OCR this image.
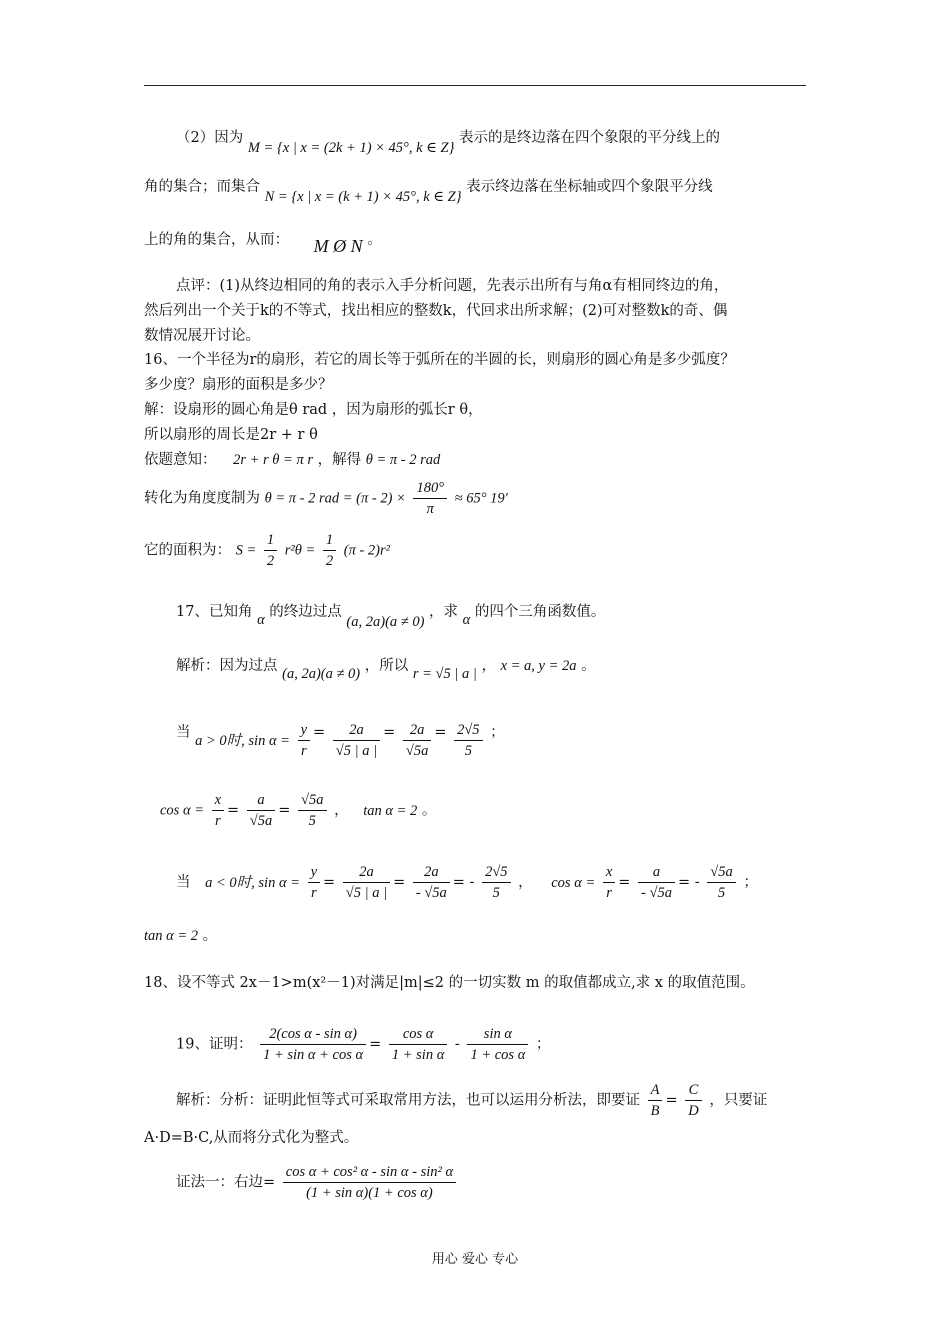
（2）因为 M = {x | x = (2k + 1) × 45°, k ∈ Z} 表示的是终边落在四个象限的平分线上的
角的集合；而集合 N = {x | x = (k + 1) × 45°, k ∈ Z} 表示终边落在坐标轴或四个象限平分线
上的角的集合，从而： M Ø N 。
点评：(1)从终边相同的角的表示入手分析问题，先表示出所有与角α有相同终边的角，
然后列出一个关于k的不等式，找出相应的整数k，代回求出所求解；(2)可对整数k的奇、偶
数情况展开讨论。
16、一个半径为r的扇形，若它的周长等于弧所在的半圆的长，则扇形的圆心角是多少弧度？
多少度？扇形的面积是多少？
解：设扇形的圆心角是θ rad ，因为扇形的弧长r θ，
所以扇形的周长是2r + r θ
依题意知： 2r + r θ = π r ，解得 θ = π - 2 rad
转化为角度度制为 θ = π - 2 rad = $(\pi - 2) \times \frac{180^\circ}{\pi} \approx 65^\circ$ 19′
它的面积为： $S = \frac{1}{2} r^2\theta = \frac{1}{2} (\pi - 2)r^2$
17、已知角 α 的终边过点 (a, 2a)(a ≠ 0) ，求 α 的四个三角函数值。
解析：因为过点 (a, 2a)(a ≠ 0) ，所以 r = √5 | a | ， x = a, y = 2a 。
当 a > 0时, $\sin \alpha = \frac{y}{r} = \frac{2a}{√5 | a |} = \frac{2a}{√5a} = \frac{2√5}{5}$ ；
$\cos \alpha = \frac{x}{r} = \frac{a}{√5a} = \frac{√5a}{5}$ ， tan α = 2 。
当 a < 0时, $\sin \alpha = \frac{y}{r} = \frac{2a}{√5 | a |} = \frac{2a}{- √5a}$ = - $\frac{2√5}{5}$ ， $\cos \alpha = \frac{x}{r} = \frac{a}{- √5a}$ = - $\frac{√5a}{5}$ ；
tan α = 2 。
18、设不等式 2x－1>m(x²－1)对满足|m|≤2 的一切实数 m 的取值都成立,求 x 的取值范围。
19、证明： $\frac{\text{2(cos α - sin α)}}{\text{1 + sin α + cos α}} = \frac{\text{cos α}}{\text{1 + sin α}} - \frac{\text{sin α}}{\text{1 + cos α}}$ ；
解析：分析：证明此恒等式可采取常用方法，也可以运用分析法，即要证 $\frac{A}{B} = \frac{C}{D}$ ，只要证
A·D=B·C,从而将分式化为整式。
证法一：右边= $\frac{\text{cos α + cos² α - sin α - sin² α}}{\text{(1 + sin α)(1 + cos α)}}$
用心 爱心 专心
